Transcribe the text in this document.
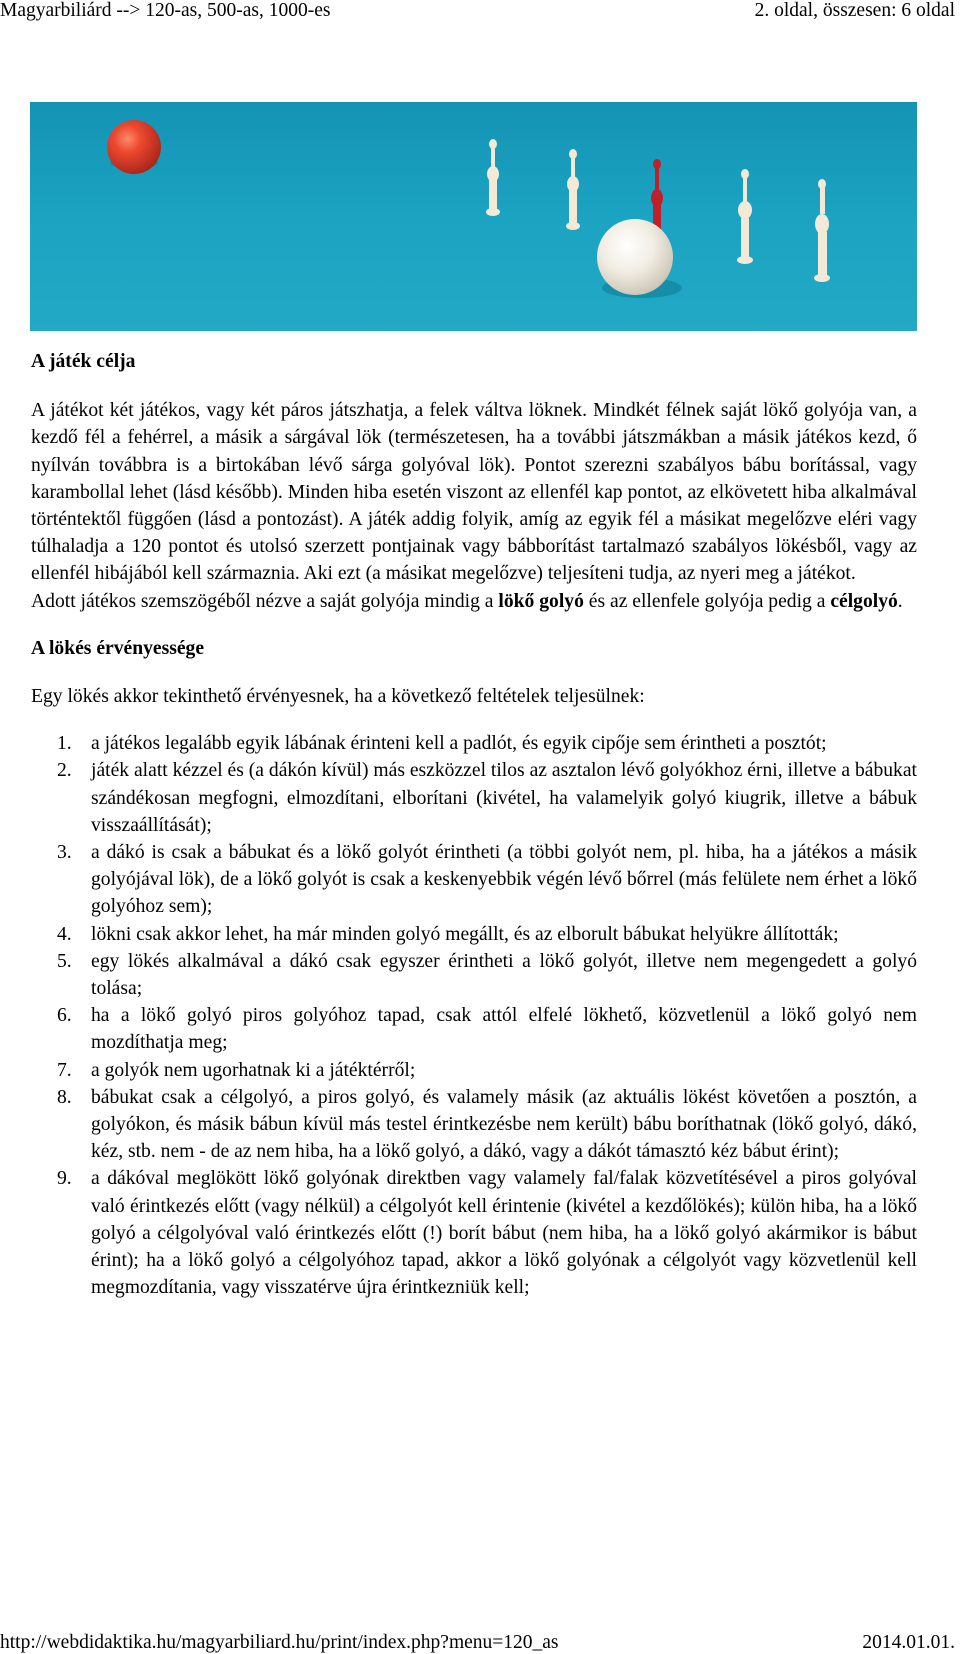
Magyarbiliárd --> 120-as, 500-as, 1000-es	2. oldal, összesen: 6 oldal

A játék célja

A játékot két játékos, vagy két páros játszhatja, a felek váltva löknek. Mindkét félnek saját lökő golyója van, a kezdő fél a fehérrel, a másik a sárgával lök (természetesen, ha a további játszmákban a másik játékos kezd, ő nyílván továbbra is a birtokában lévő sárga golyóval lök). Pontot szerezni szabályos bábu borítással, vagy karambollal lehet (lásd később). Minden hiba esetén viszont az ellenfél kap pontot, az elkövetett hiba alkalmával történtektől függően (lásd a pontozást). A játék addig folyik, amíg az egyik fél a másikat megelőzve eléri vagy túlhaladja a 120 pontot és utolsó szerzett pontjainak vagy bábborítást tartalmazó szabályos lökésből, vagy az ellenfél hibájából kell származnia. Aki ezt (a másikat megelőzve) teljesíteni tudja, az nyeri meg a játékot.

Adott játékos szemszögéből nézve a saját golyója mindig a lökő golyó és az ellenfele golyója pedig a célgolyó.

A lökés érvényessége

Egy lökés akkor tekinthető érvényesnek, ha a következő feltételek teljesülnek:

1. a játékos legalább egyik lábának érinteni kell a padlót, és egyik cipője sem érintheti a posztót;
2. játék alatt kézzel és (a dákón kívül) más eszközzel tilos az asztalon lévő golyókhoz érni, illetve a bábukat szándékosan megfogni, elmozdítani, elborítani (kivétel, ha valamelyik golyó kiugrik, illetve a bábuk visszaállítását);
3. a dákó is csak a bábukat és a lökő golyót érintheti (a többi golyót nem, pl. hiba, ha a játékos a másik golyójával lök), de a lökő golyót is csak a keskenyebbik végén lévő bőrrel (más felülete nem érhet a lökő golyóhoz sem);
4. lökni csak akkor lehet, ha már minden golyó megállt, és az elborult bábukat helyükre állították;
5. egy lökés alkalmával a dákó csak egyszer érintheti a lökő golyót, illetve nem megengedett a golyó tolása;
6. ha a lökő golyó piros golyóhoz tapad, csak attól elfelé lökhető, közvetlenül a lökő golyó nem mozdíthatja meg;
7. a golyók nem ugorhatnak ki a játéktérről;
8. bábukat csak a célgolyó, a piros golyó, és valamely másik (az aktuális lökést követően a posztón, a golyókon, és másik bábun kívül más testel érintkezésbe nem került) bábu boríthatnak (lökő golyó, dákó, kéz, stb. nem - de az nem hiba, ha a lökő golyó, a dákó, vagy a dákót támasztó kéz bábut érint);
9. a dákóval meglökött lökő golyónak direktben vagy valamely fal/falak közvetítésével a piros golyóval való érintkezés előtt (vagy nélkül) a célgolyót kell érintenie (kivétel a kezdőlökés); külön hiba, ha a lökő golyó a célgolyóval való érintkezés előtt (!) borít bábut (nem hiba, ha a lökő golyó akármikor is bábut érint); ha a lökő golyó a célgolyóhoz tapad, akkor a lökő golyónak a célgolyót vagy közvetlenül kell megmozdítania, vagy visszatérve újra érintkezniük kell;
http://webdidaktika.hu/magyarbiliard.hu/print/index.php?menu=120_as	2014.01.01.
